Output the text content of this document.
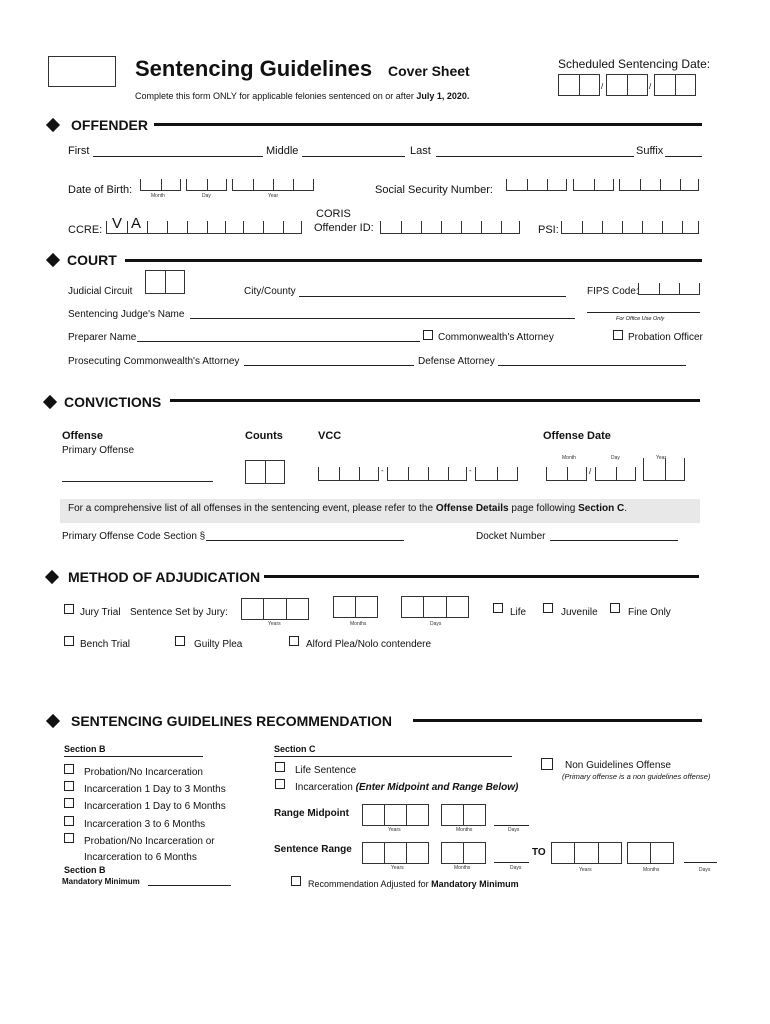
Sentencing Guidelines Cover Sheet	Scheduled Sentencing Date:
/	/
Complete this form ONLY for applicable felonies sentenced on or after July 1, 2020.
OFFENDER
First	Middle	Last	Suffix
Date of Birth:	Month	Day	Year	Social Security Number:
CCRE: V A
CORIS
Offender ID:	PSI:
COURT
Judicial Circuit	City/County	FIPS Code:
Sentencing Judge's Name	For Office Use Only
Preparer Name	Commonwealth's Attorney	Probation Officer
Prosecuting Commonwealth's Attorney	Defense Attorney
CONVICTIONS
Offense	Counts	VCC	Offense Date
Primary Offense
-	-
Month	Day	Year
/
For a comprehensive list of all offenses in the sentencing event, please refer to the Offense Details page following Section C.
Primary Offense Code Section §	Docket Number
METHOD OF ADJUDICATION
Jury Trial Sentence Set by Jury:
Years	Months	Days
Life	Juvenile	Fine Only
Bench Trial	Guilty Plea	Alford Plea/Nolo contendere
SENTENCING GUIDELINES RECOMMENDATION
Section B
Probation/No Incarceration
Incarceration 1 Day to 3 Months
Incarceration 1 Day to 6 Months
Incarceration 3 to 6 Months
Probation/No Incarceration or
Incarceration to 6 Months
Section B
Mandatory Minimum
Section C
Life Sentence
Incarceration (Enter Midpoint and Range Below)
Range Midpoint
Years	Months	Days
Sentence Range
Years	Months	Days
TO
Years	Months	Days
Non Guidelines Offense
(Primary offense is a non guidelines offense)
Recommendation Adjusted for Mandatory Minimum
